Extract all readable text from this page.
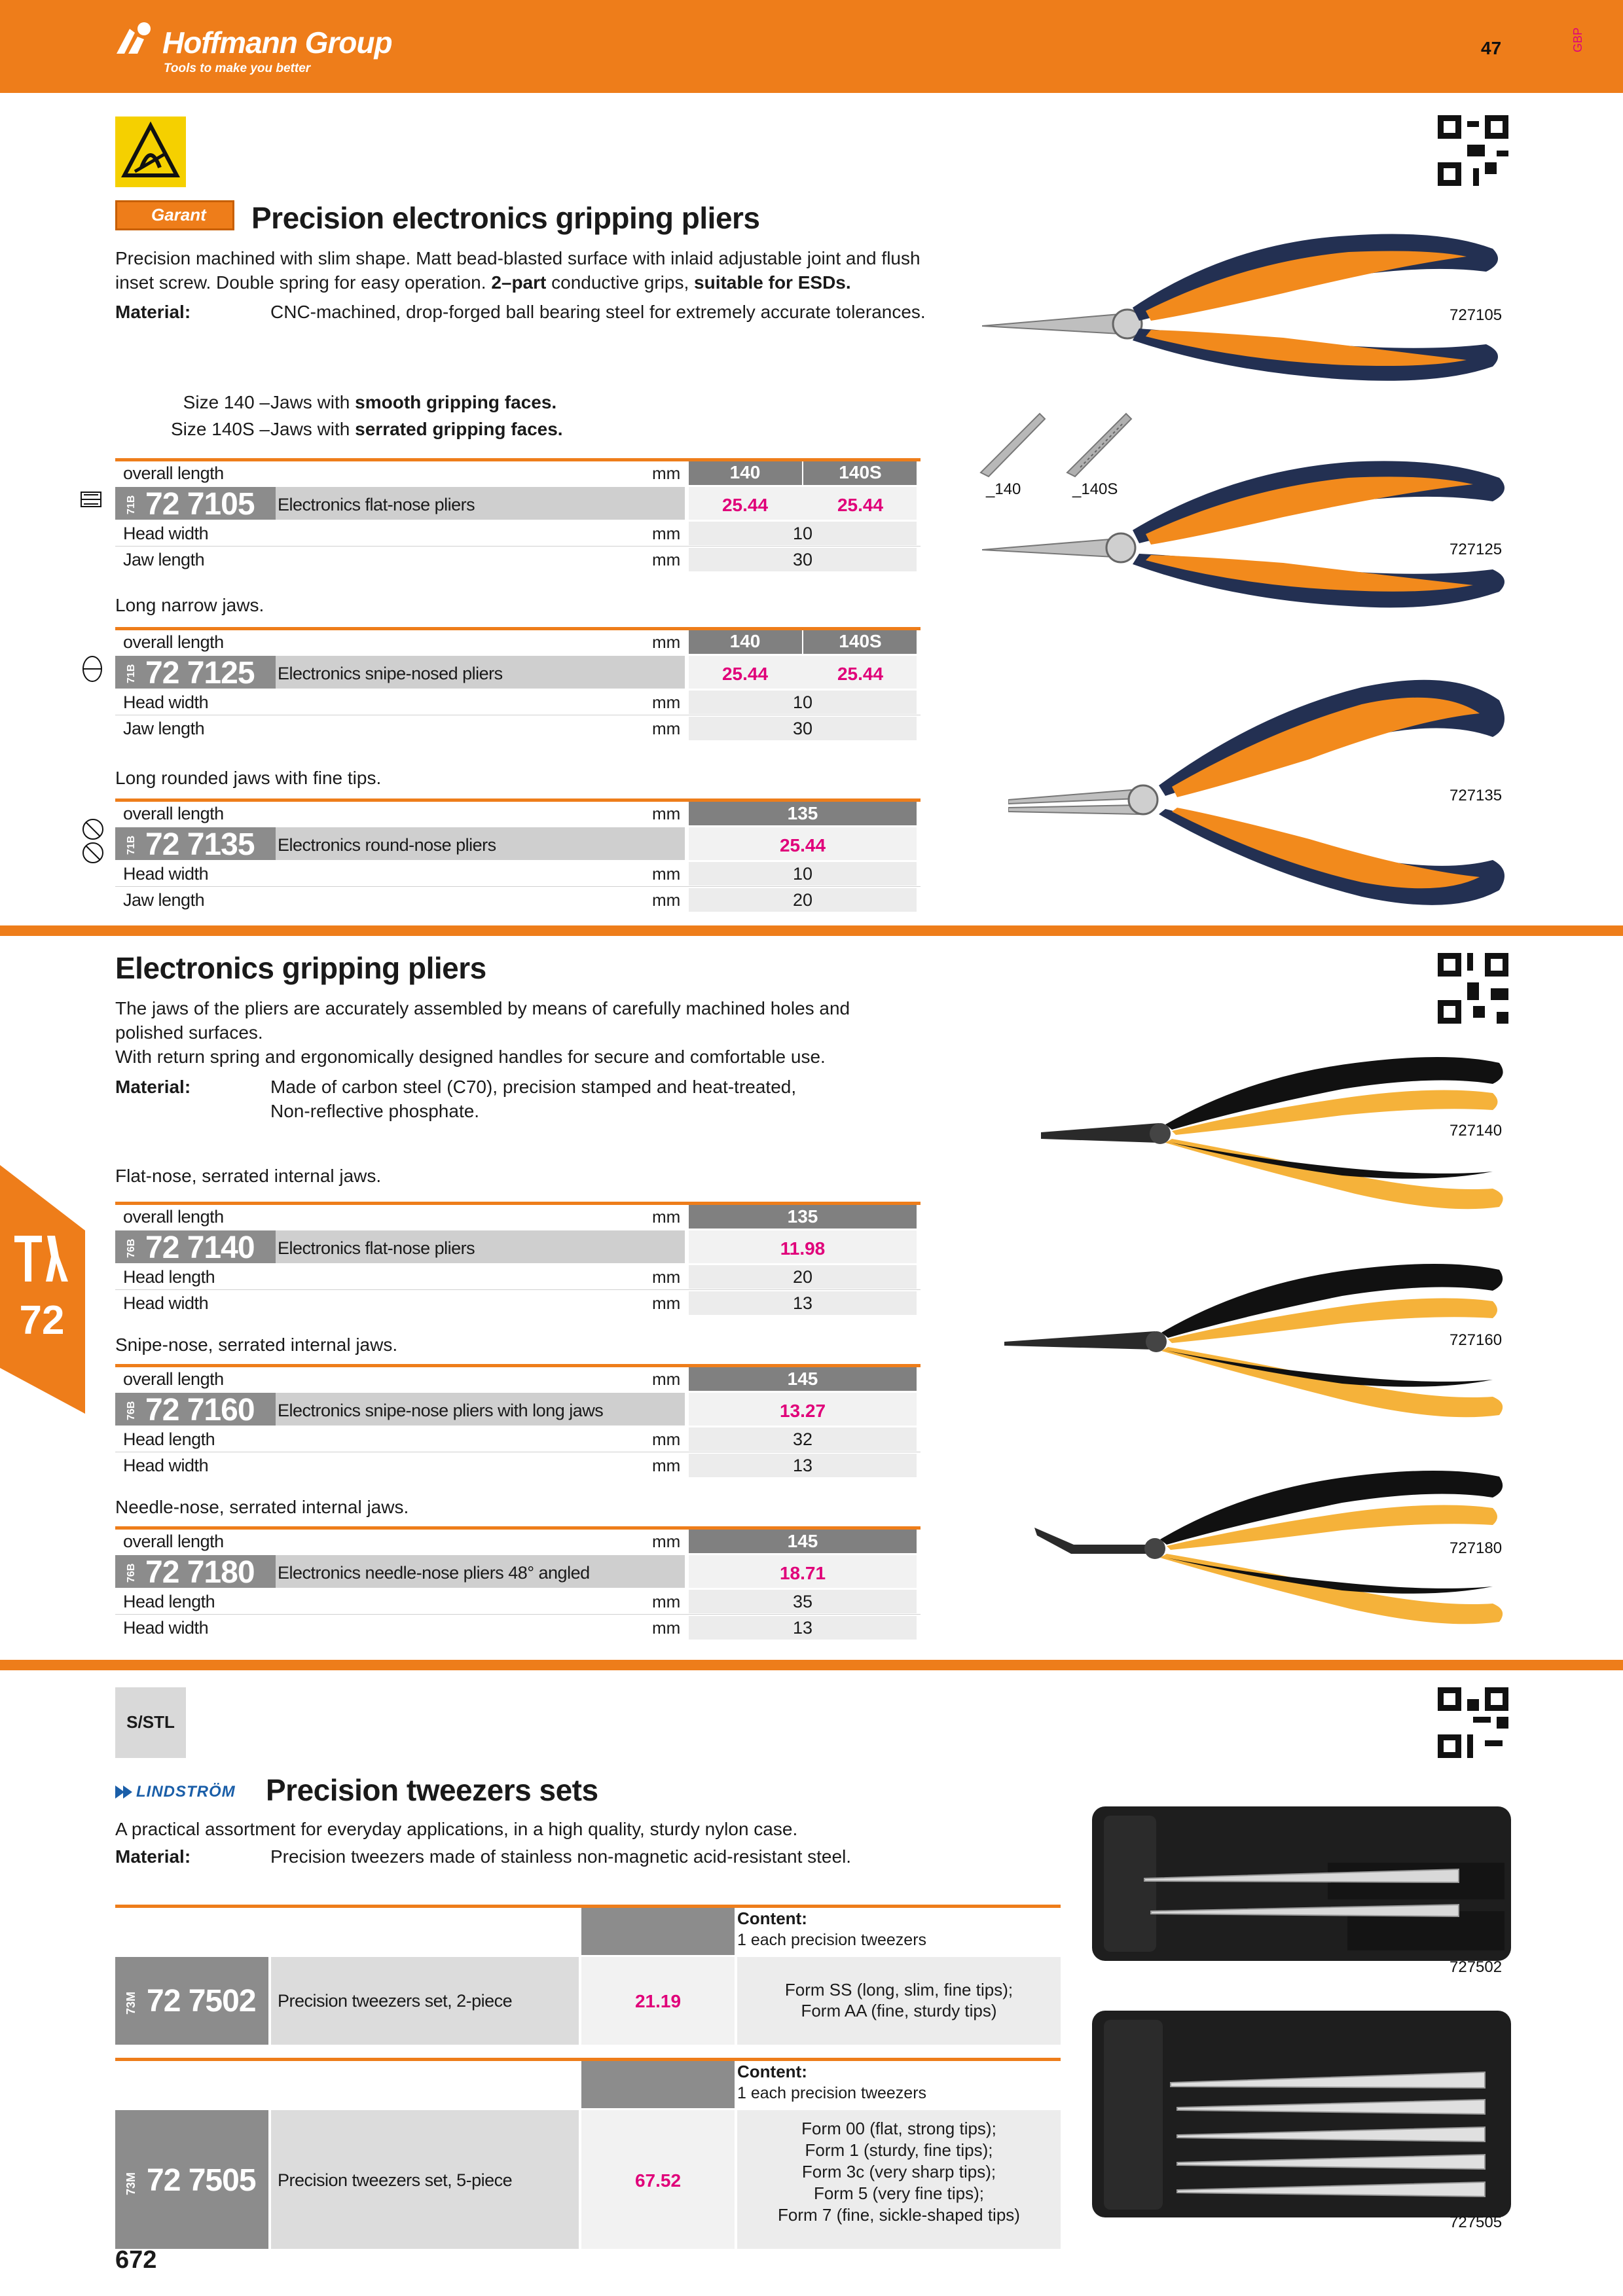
Hoffmann Group
Tools to make you better
47	GBP
Garant Precision electronics gripping pliers
Precision machined with slim shape. Matt bead-blasted surface with inlaid adjustable joint and flush
inset screw. Double spring for easy operation. 2–part conductive grips, suitable for ESDs.
Material:	CNC-machined, drop-forged ball bearing steel for extremely accurate tolerances.
Size 140 – Jaws with smooth gripping faces.
Size 140S – Jaws with serrated gripping faces.
overall length	mm	140	140S
71B 72 7105 Electronics flat-nose pliers	25.44	25.44
Head width	mm	10
Jaw length	mm	30
Long narrow jaws.
overall length	mm	140	140S
71B 72 7125 Electronics snipe-nosed pliers	25.44	25.44
Head width	mm	10
Jaw length	mm	30
Long rounded jaws with fine tips.
overall length	mm	135
71B 72 7135 Electronics round-nose pliers	25.44
Head width	mm	10
Jaw length	mm	20
727105
_140	_140S
727125
727135
Electronics gripping pliers
The jaws of the pliers are accurately assembled by means of carefully machined holes and
polished surfaces.
With return spring and ergonomically designed handles for secure and comfortable use.
Material:	Made of carbon steel (C70), precision stamped and heat-treated,
Non-reflective phosphate.
72
Flat-nose, serrated internal jaws.
overall length	mm	135
76B 72 7140 Electronics flat-nose pliers	11.98
Head length	mm	20
Head width	mm	13
Snipe-nose, serrated internal jaws.
overall length	mm	145
76B 72 7160 Electronics snipe-nose pliers with long jaws	13.27
Head length	mm	32
Head width	mm	13
Needle-nose, serrated internal jaws.
overall length	mm	145
76B 72 7180 Electronics needle-nose pliers 48° angled	18.71
Head length	mm	35
Head width	mm	13
727140
727160
727180
S/STL
LINDSTRÖM Precision tweezers sets
A practical assortment for everyday applications, in a high quality, sturdy nylon case.
Material:	Precision tweezers made of stainless non-magnetic acid-resistant steel.
Content:
1 each precision tweezers
73M 72 7502 Precision tweezers set, 2-piece	21.19
Form SS (long, slim, fine tips);
Form AA (fine, sturdy tips)
Content:
1 each precision tweezers
73M 72 7505 Precision tweezers set, 5-piece	67.52
Form 00 (flat, strong tips);
Form 1 (sturdy, fine tips);
Form 3c (very sharp tips);
Form 5 (very fine tips);
Form 7 (fine, sickle-shaped tips)
727502
727505
672
